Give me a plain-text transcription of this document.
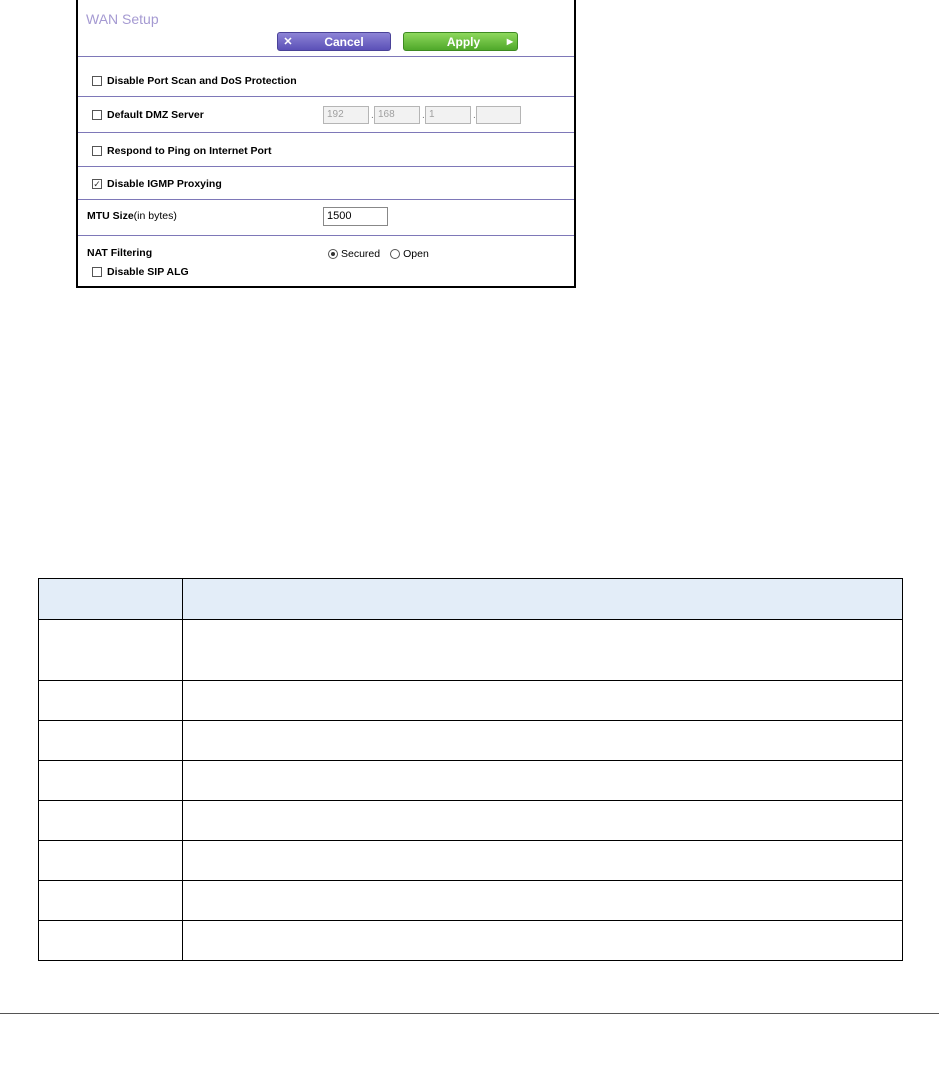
WAN Setup
✕	Cancel	Apply	▶
Disable Port Scan and DoS Protection
Default DMZ Server	192	. 168	. 1	.
Respond to Ping on Internet Port
✓ Disable IGMP Proxying
MTU Size(in bytes)	1500
NAT Filtering	Secured Open
Disable SIP ALG
